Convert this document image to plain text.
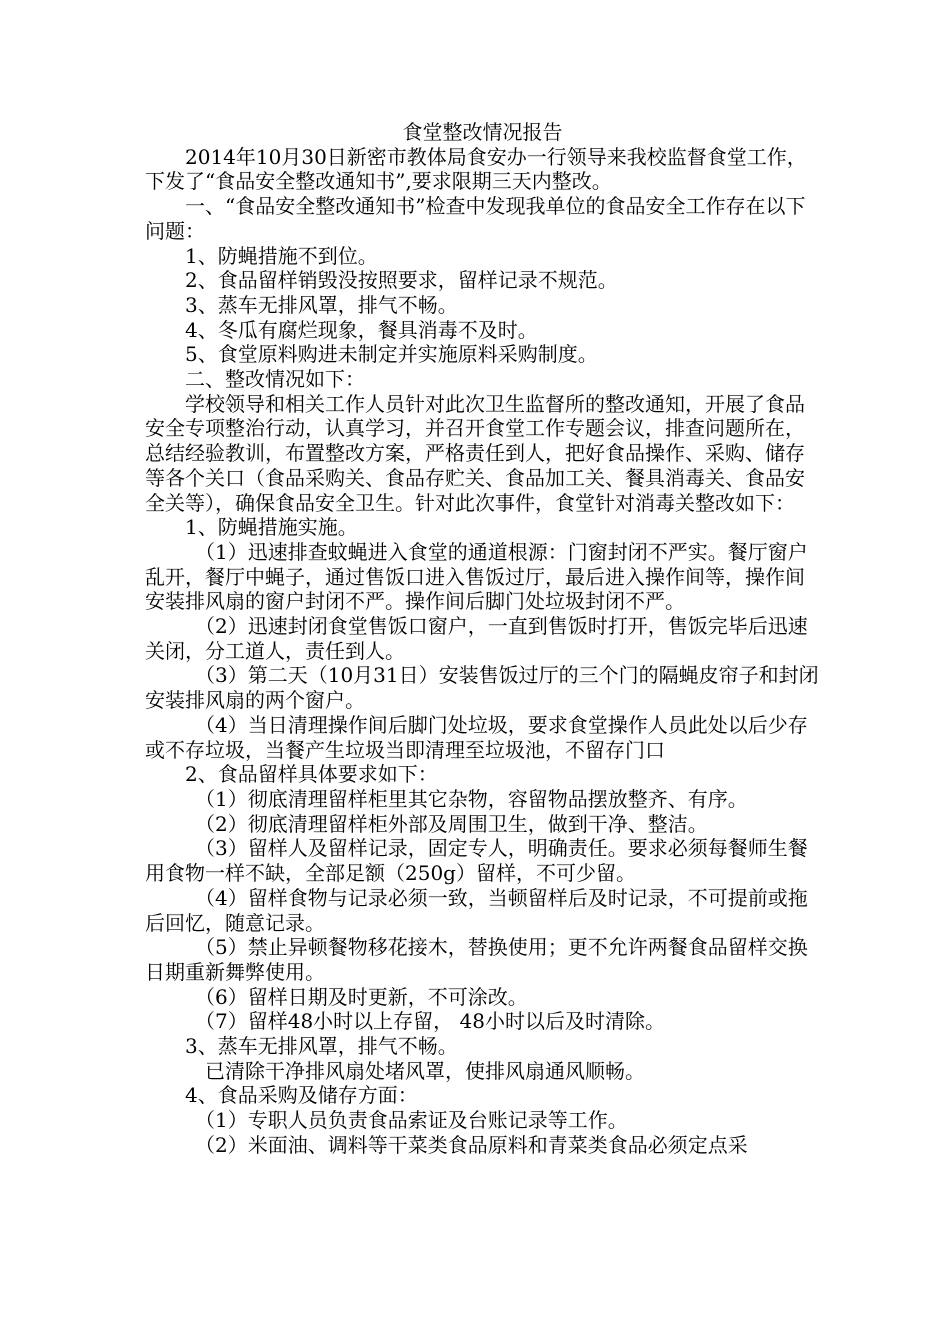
食堂整改情况报告

2014年10月30日新密市教体局食安办一行领导来我校监督食堂工作，下发了“食品安全整改通知书”,要求限期三天内整改。

一、“食品安全整改通知书”检查中发现我单位的食品安全工作存在以下问题：

1、防蝇措施不到位。

2、食品留样销毁没按照要求，留样记录不规范。

3、蒸车无排风罩，排气不畅。

4、冬瓜有腐烂现象，餐具消毒不及时。

5、食堂原料购进未制定并实施原料采购制度。

二、整改情况如下：

学校领导和相关工作人员针对此次卫生监督所的整改通知，开展了食品安全专项整治行动，认真学习，并召开食堂工作专题会议，排查问题所在，总结经验教训，布置整改方案，严格责任到人，把好食品操作、采购、储存等各个关口（食品采购关、食品存贮关、食品加工关、餐具消毒关、食品安全关等），确保食品安全卫生。针对此次事件，食堂针对消毒关整改如下：

1、防蝇措施实施。

（1）迅速排查蚊蝇进入食堂的通道根源：门窗封闭不严实。餐厅窗户乱开，餐厅中蝇子，通过售饭口进入售饭过厅，最后进入操作间等，操作间安装排风扇的窗户封闭不严。操作间后脚门处垃圾封闭不严。

（2）迅速封闭食堂售饭口窗户，一直到售饭时打开，售饭完毕后迅速关闭，分工道人，责任到人。

（3）第二天（10月31日）安装售饭过厅的三个门的隔蝇皮帘子和封闭安装排风扇的两个窗户。

（4）当日清理操作间后脚门处垃圾，要求食堂操作人员此处以后少存或不存垃圾，当餐产生垃圾当即清理至垃圾池，不留存门口

2、食品留样具体要求如下：

（1）彻底清理留样柜里其它杂物，容留物品摆放整齐、有序。

（2）彻底清理留样柜外部及周围卫生，做到干净、整洁。

（3）留样人及留样记录，固定专人，明确责任。要求必须每餐师生餐用食物一样不缺，全部足额（250g）留样，不可少留。

（4）留样食物与记录必须一致，当顿留样后及时记录，不可提前或拖后回忆，随意记录。

（5）禁止异顿餐物移花接木，替换使用；更不允许两餐食品留样交换日期重新舞弊使用。

（6）留样日期及时更新，不可涂改。

（7）留样48小时以上存留， 48小时以后及时清除。

3、蒸车无排风罩，排气不畅。

已清除干净排风扇处堵风罩，使排风扇通风顺畅。

4、食品采购及储存方面：

（1）专职人员负责食品索证及台账记录等工作。

（2）米面油、调料等干菜类食品原料和青菜类食品必须定点采
